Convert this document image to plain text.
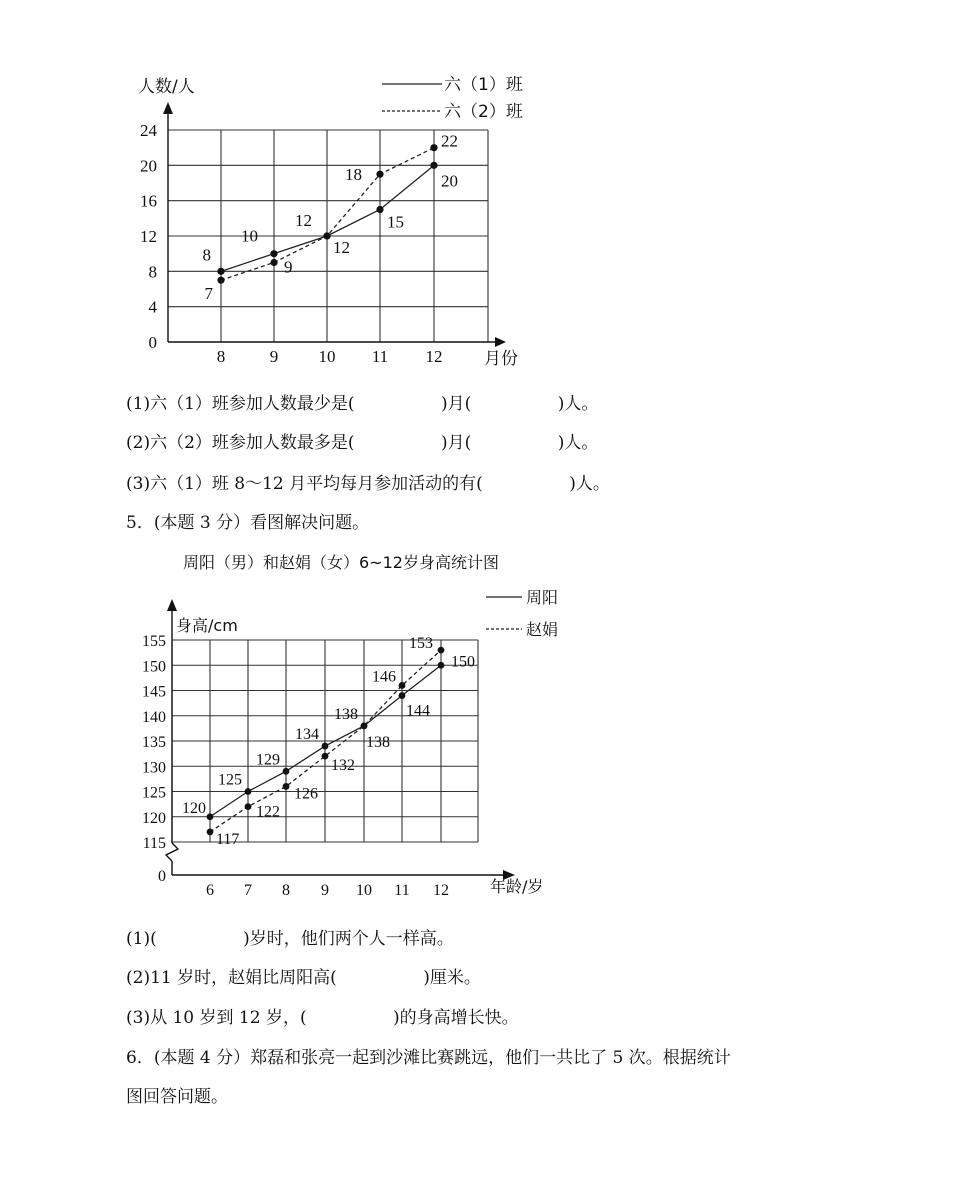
人数/人	六（1）班
六（2）班
0
4
8
12
16
20
24
8	9 10 11 12
8
10
12	15
20
7
9
12
18
22
月份
(1)六（1）班参加人数最少是(                )月(                )人。
(2)六（2）班参加人数最多是(                )月(                )人。
(3)六（1）班 8～12 月平均每月参加活动的有(                )人。
5．(本题 3 分）看图解决问题。
周阳（男）和赵娟（女）6~12岁身高统计图
周阳
赵娟
身高/cm
115
120
125
130
135
140
145
150
155
0
6 7 8 9 10 11 12
120
125
129
134
138	144
150
117
122
126
132
138
146
153
年龄/岁
(1)(                )岁时，他们两个人一样高。
(2)11 岁时，赵娟比周阳高(                )厘米。
(3)从 10 岁到 12 岁，(                )的身高增长快。
6．(本题 4 分）郑磊和张亮一起到沙滩比赛跳远，他们一共比了 5 次。根据统计
图回答问题。
